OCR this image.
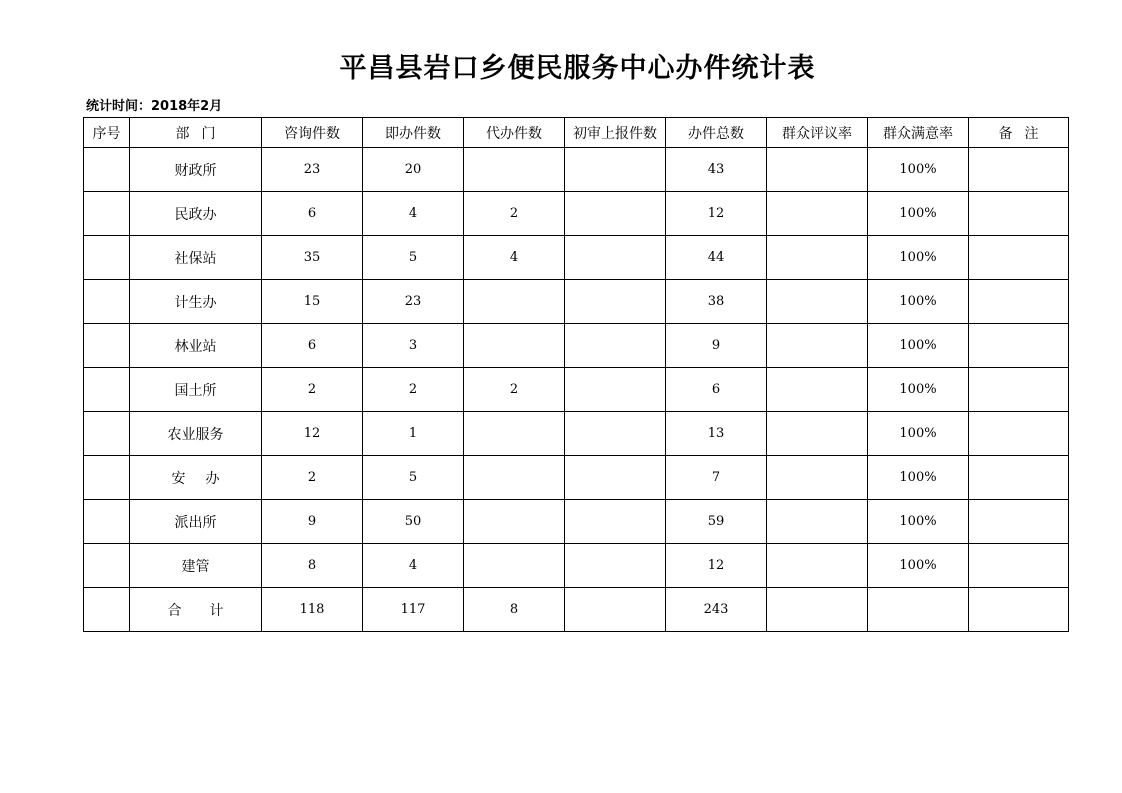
平昌县岩口乡便民服务中心办件统计表
统计时间：2018年2月
序号	部门	咨询件数	即办件数	代办件数	初审上报件数	办件总数	群众评议率	群众满意率	备注
	财政所	23	20			43		100%	
	民政办	6	4	2		12		100%	
	社保站	35	5	4		44		100%	
	计生办	15	23			38		100%	
	林业站	6	3			9		100%	
	国土所	2	2	2		6		100%	
	农业服务	12	1			13		100%	
	安办	2	5			7		100%	
	派出所	9	50			59		100%	
	建管	8	4			12		100%	
	合计	118	117	8		243			
